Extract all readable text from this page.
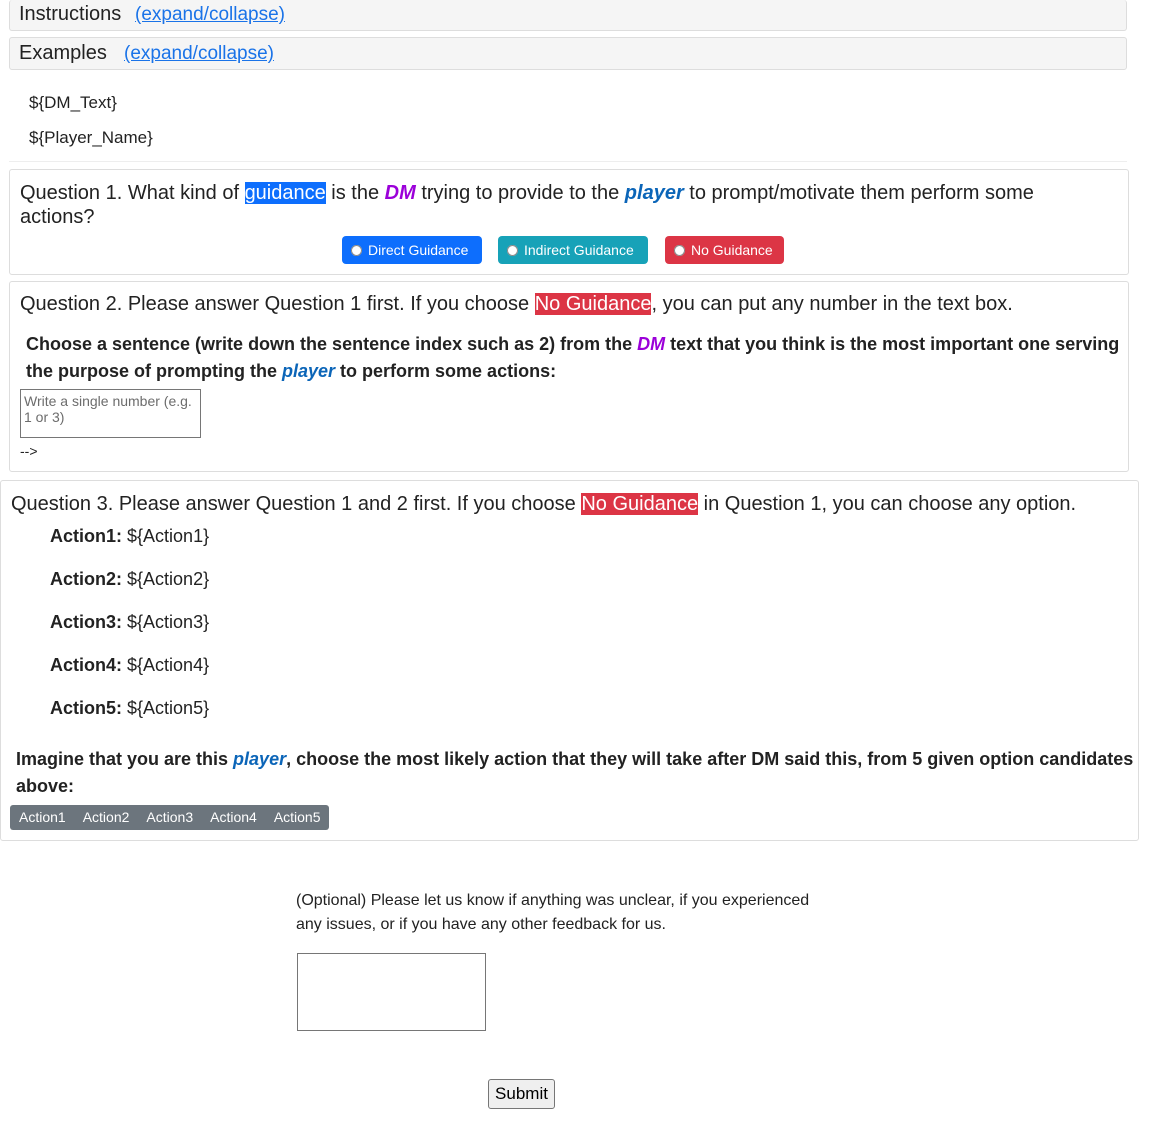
Instructions (expand/collapse)
Examples (expand/collapse)
${DM_Text}
${Player_Name}
Question 1. What kind of guidance is the DM trying to provide to the player to prompt/motivate them perform some actions?
Direct Guidance	Indirect Guidance	No Guidance
Question 2. Please answer Question 1 first. If you choose No Guidance, you can put any number in the text box.
Choose a sentence (write down the sentence index such as 2) from the DM text that you think is the most important one serving the purpose of prompting the player to perform some actions:
-->
Write a single number (e.g. 1 or 3)
Question 3. Please answer Question 1 and 2 first. If you choose No Guidance in Question 1, you can choose any option.
Action1: ${Action1}
Action2: ${Action2}
Action3: ${Action3}
Action4: ${Action4}
Action5: ${Action5}
Imagine that you are this player, choose the most likely action that they will take after DM said this, from 5 given option candidates above:
Action1	Action2	Action3	Action4	Action5
(Optional) Please let us know if anything was unclear, if you experienced any issues, or if you have any other feedback for us.
Submit
